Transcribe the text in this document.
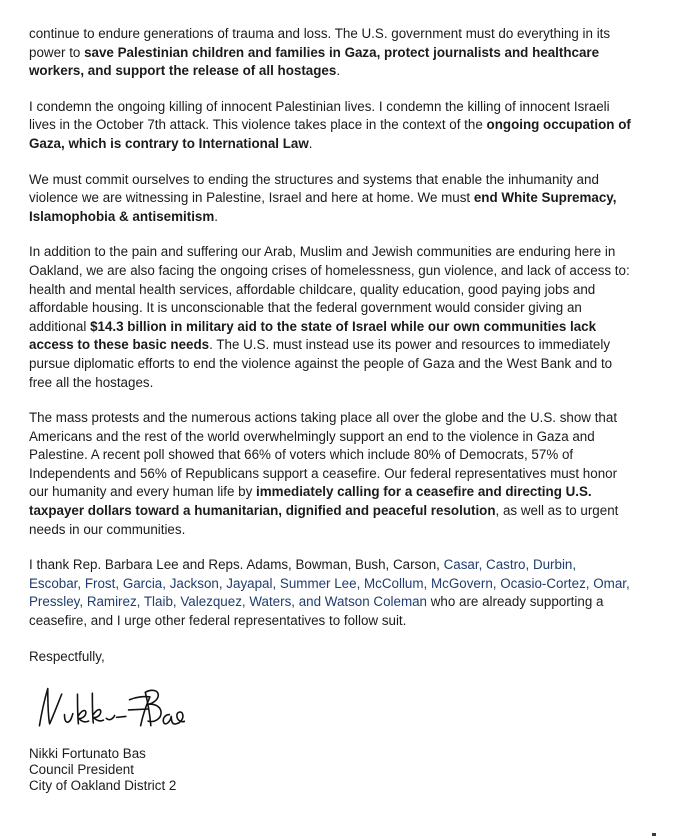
continue to endure generations of trauma and loss. The U.S. government must do everything in its power to save Palestinian children and families in Gaza, protect journalists and healthcare workers, and support the release of all hostages.

I condemn the ongoing killing of innocent Palestinian lives. I condemn the killing of innocent Israeli lives in the October 7th attack. This violence takes place in the context of the ongoing occupation of Gaza, which is contrary to International Law.

We must commit ourselves to ending the structures and systems that enable the inhumanity and violence we are witnessing in Palestine, Israel and here at home. We must end White Supremacy, Islamophobia & antisemitism.

In addition to the pain and suffering our Arab, Muslim and Jewish communities are enduring here in Oakland, we are also facing the ongoing crises of homelessness, gun violence, and lack of access to: health and mental health services, affordable childcare, quality education, good paying jobs and affordable housing. It is unconscionable that the federal government would consider giving an additional $14.3 billion in military aid to the state of Israel while our own communities lack access to these basic needs. The U.S. must instead use its power and resources to immediately pursue diplomatic efforts to end the violence against the people of Gaza and the West Bank and to free all the hostages.

The mass protests and the numerous actions taking place all over the globe and the U.S. show that Americans and the rest of the world overwhelmingly support an end to the violence in Gaza and Palestine. A recent poll showed that 66% of voters which include 80% of Democrats, 57% of Independents and 56% of Republicans support a ceasefire. Our federal representatives must honor our humanity and every human life by immediately calling for a ceasefire and directing U.S. taxpayer dollars toward a humanitarian, dignified and peaceful resolution, as well as to urgent needs in our communities.

I thank Rep. Barbara Lee and Reps. Adams, Bowman, Bush, Carson, Casar, Castro, Durbin, Escobar, Frost, Garcia, Jackson, Jayapal, Summer Lee, McCollum, McGovern, Ocasio-Cortez, Omar, Pressley, Ramirez, Tlaib, Valezquez, Waters, and Watson Coleman who are already supporting a ceasefire, and I urge other federal representatives to follow suit.

Respectfully,

Nikki Fortunato Bas
Council President
City of Oakland District 2
